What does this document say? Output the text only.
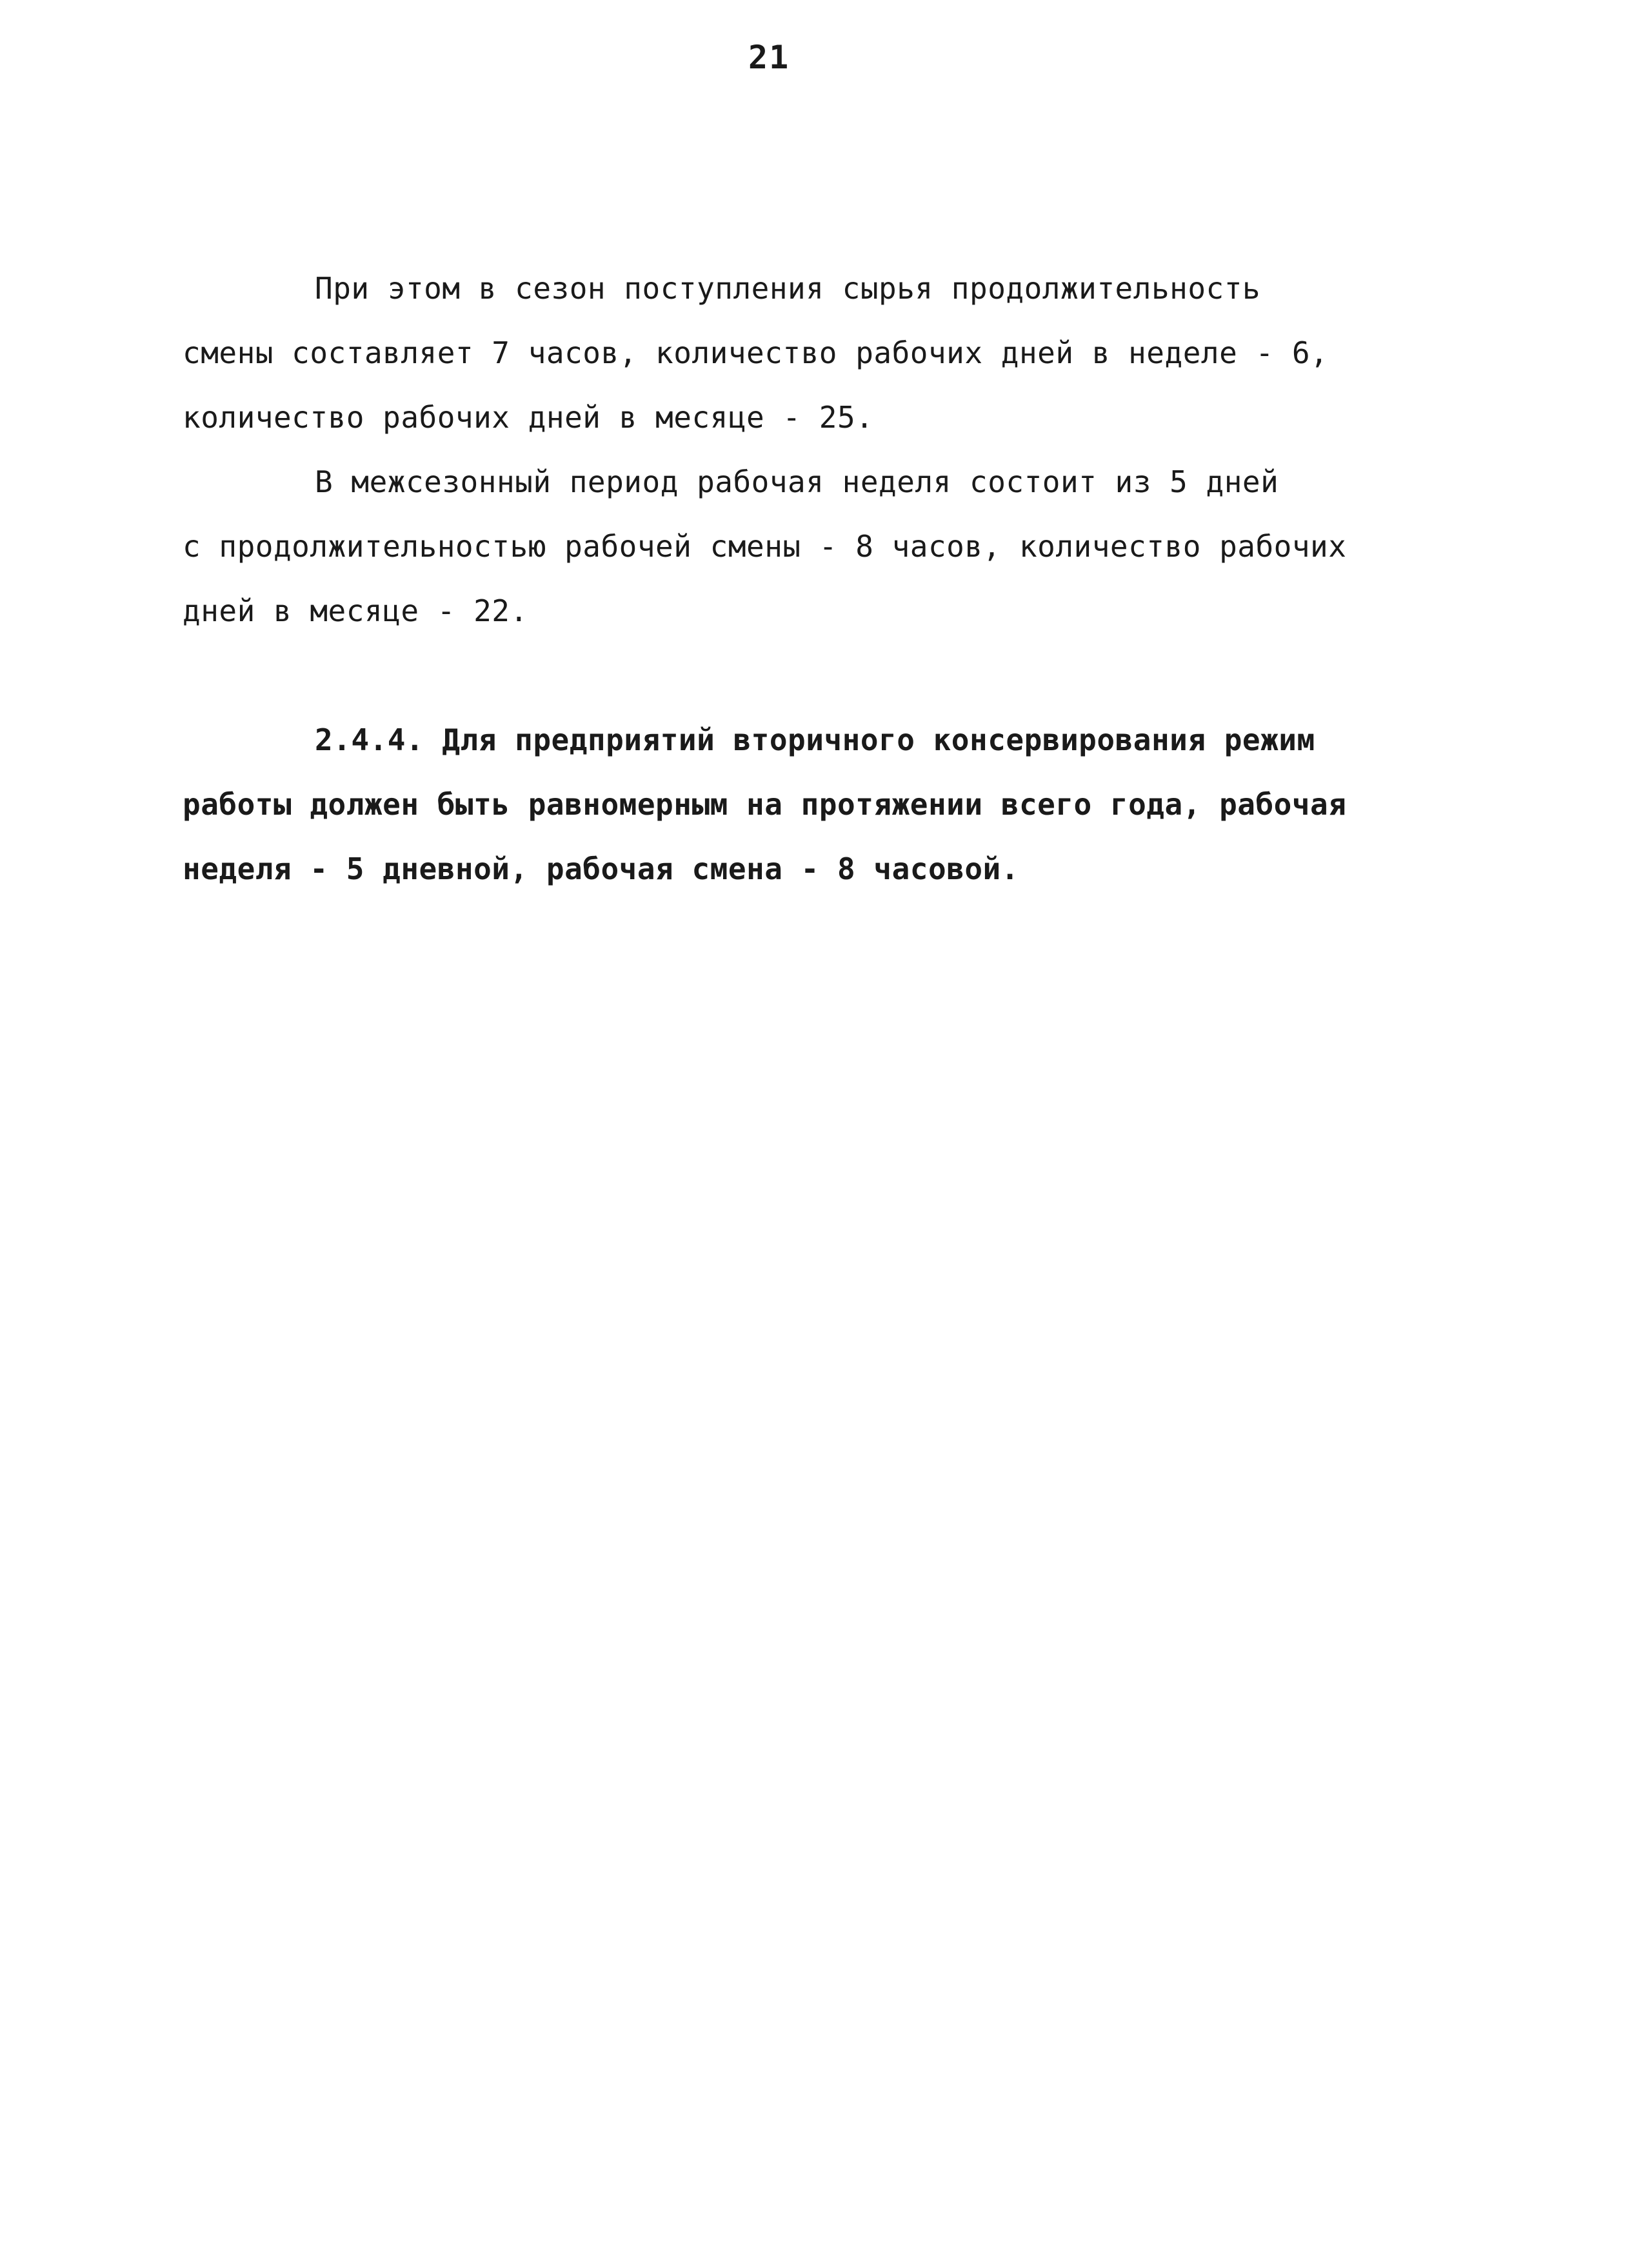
21
При этом в сезон поступления сырья продолжительность
смены составляет 7 часов, количество рабочих дней в неделе - 6,
количество рабочих дней в месяце - 25.
В межсезонный период рабочая неделя состоит из 5 дней
с продолжительностью рабочей смены - 8 часов, количество рабочих
дней в месяце - 22.
2.4.4. Для предприятий вторичного консервирования режим
работы должен быть равномерным на протяжении всего года, рабочая
неделя - 5 дневной, рабочая смена - 8 часовой.
